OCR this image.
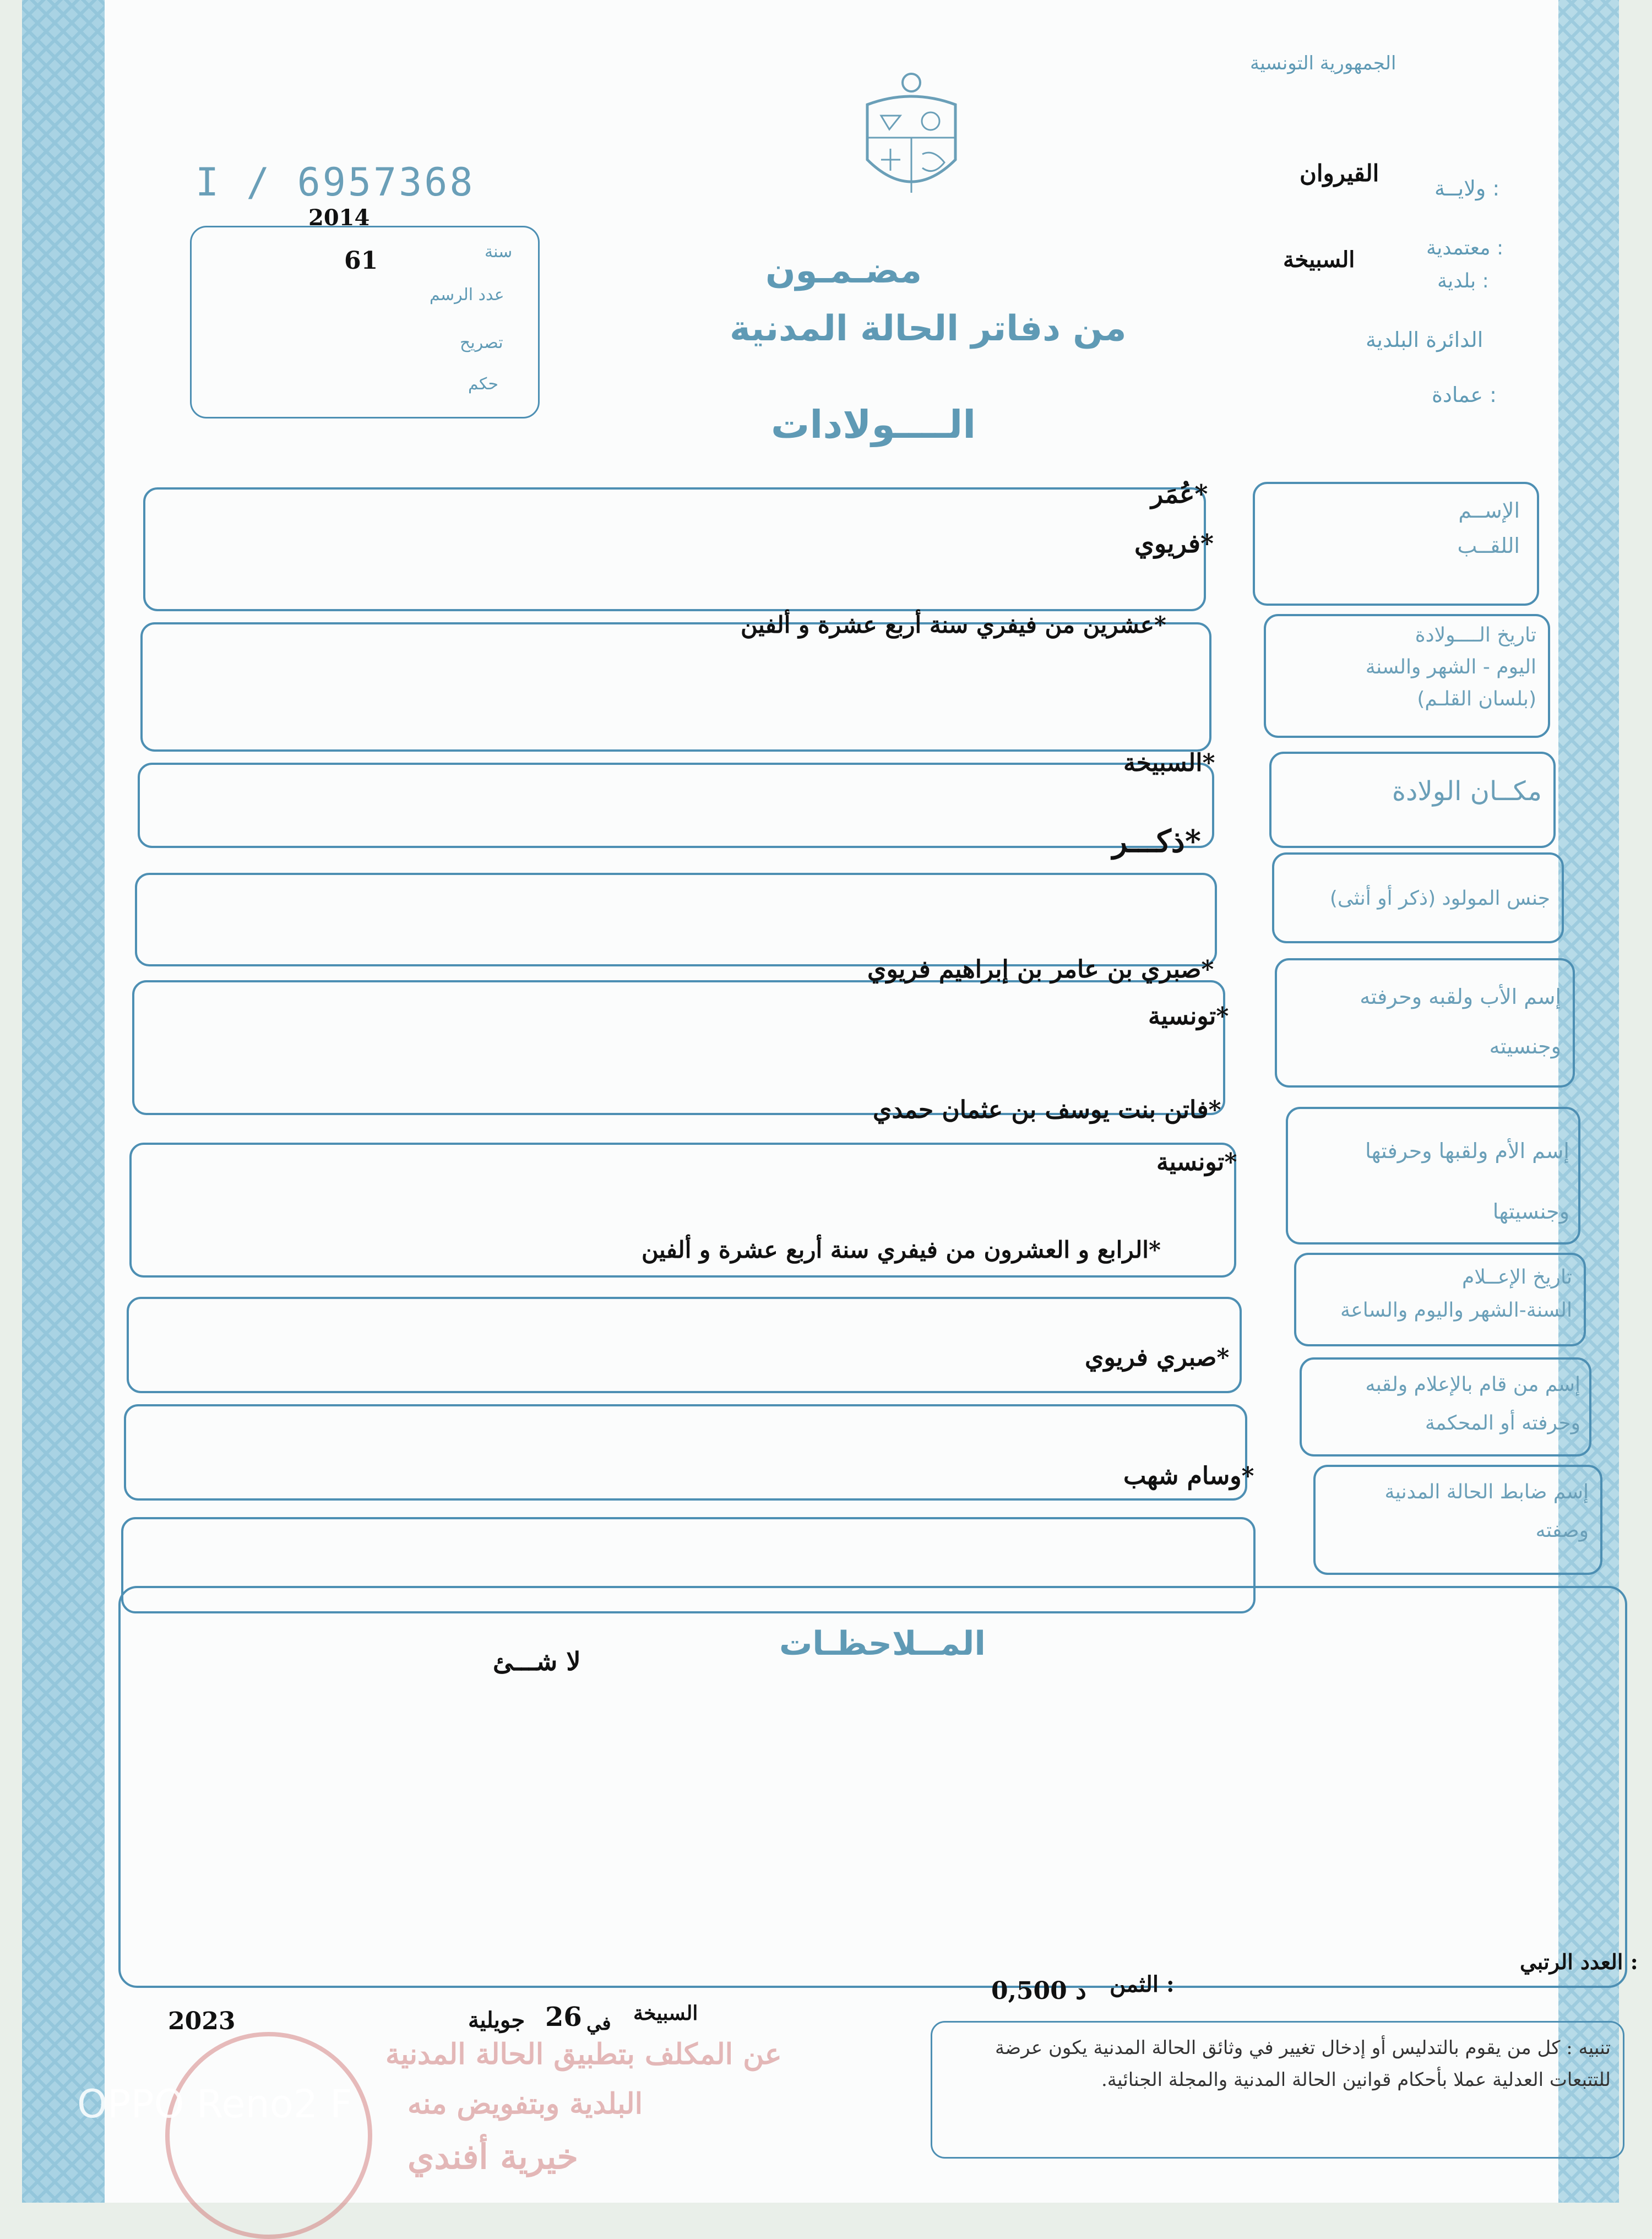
الجمهورية التونسية
ولايــة :
القيروان
معتمدية :
بلدية :
السبيخة
الدائرة البلدية
عمادة :
I / 6957368
2014
سنة
61
عدد الرسم
تصريح
حكم
مضـمـون
من دفاتر الحالة المدنية
الــــولادات
الإســم
اللقــب
عُمَر*
فريوي*
تاريخ الــــولادة
اليوم - الشهر والسنة
(بلسان القلـم)
عشرين من فيفري سنة أربع عشرة و ألفين*
مكــان الولادة
السبيخة*
جنس المولود (ذكر أو أنثى)
ذكـــر*
إسم الأب ولقبه وحرفته
وجنسيته
صبري بن عامر بن إبراهيم فريوي*
تونسية*
إسم الأم ولقبها وحرفتها
وجنسيتها
فاتن بنت يوسف بن عثمان حمدي*
تونسية*
تاريخ الإعــلام
السنة-الشهر واليوم والساعة
الرابع و العشرون من فيفري سنة أربع عشرة و ألفين*
إسم من قام بالإعلام ولقبه
وحرفته أو المحكمة
صبري فريوي*
إسم ضابط الحالة المدنية
وصفته
وسام شهب*
المــلاحظـات
لا شـــئ
العدد الرتبي :
الثمن :
0,500 د
السبيخة
في
26
جويلية
2023
تنبيه : كل من يقوم بالتدليس أو إدخال تغيير في وثائق الحالة المدنية يكون عرضة للتتبعات العدلية عملا بأحكام قوانين الحالة المدنية والمجلة الجنائية.
عن المكلف بتطبيق الحالة المدنية
البلدية وبتفويض منه
خيرية أفندي
OPPO Reno2 F
